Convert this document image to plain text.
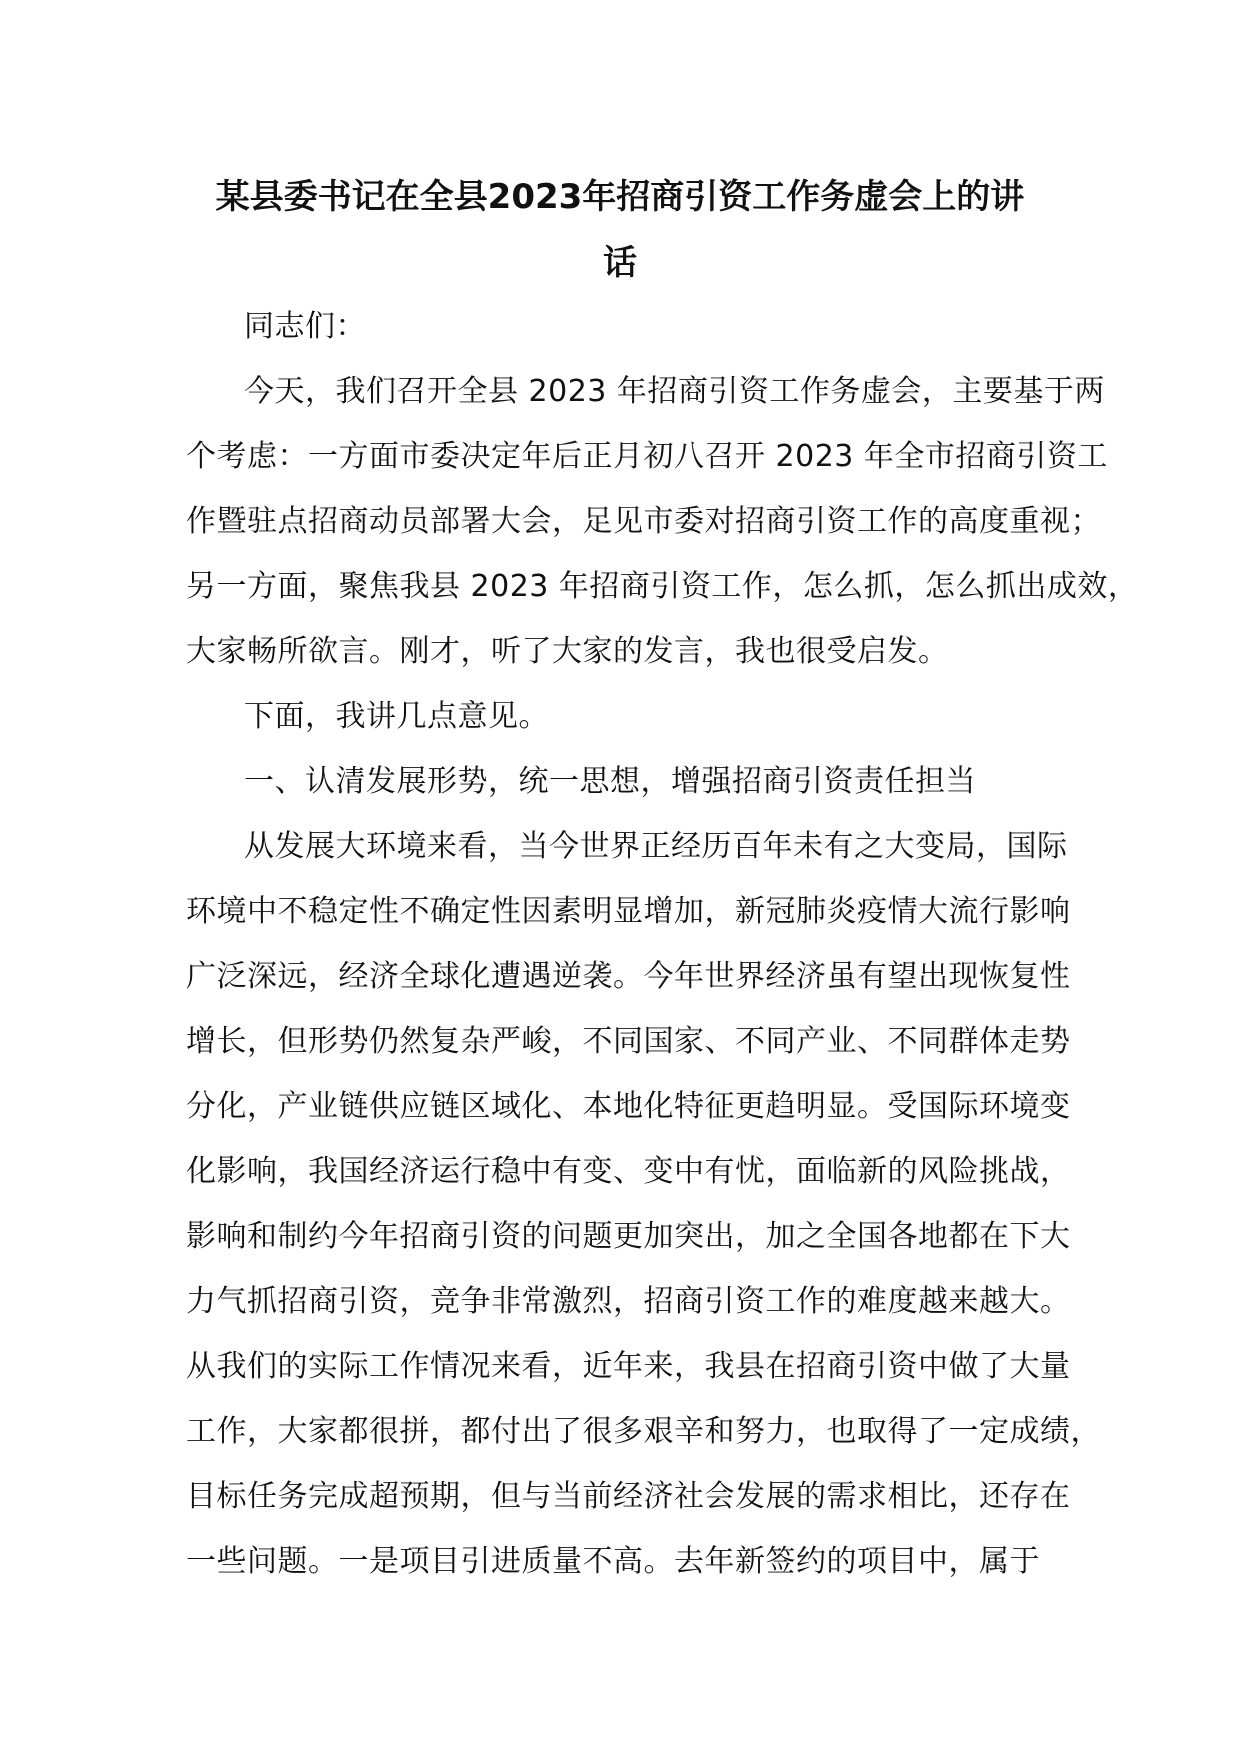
某县委书记在全县2023年招商引资工作务虚会上的讲
话
同志们：
今天，我们召开全县 2023 年招商引资工作务虚会，主要基于两
个考虑：一方面市委决定年后正月初八召开 2023 年全市招商引资工
作暨驻点招商动员部署大会，足见市委对招商引资工作的高度重视；
另一方面，聚焦我县 2023 年招商引资工作，怎么抓，怎么抓出成效，
大家畅所欲言。刚才，听了大家的发言，我也很受启发。
下面，我讲几点意见。
一、认清发展形势，统一思想，增强招商引资责任担当
从发展大环境来看，当今世界正经历百年未有之大变局，国际
环境中不稳定性不确定性因素明显增加，新冠肺炎疫情大流行影响
广泛深远，经济全球化遭遇逆袭。今年世界经济虽有望出现恢复性
增长，但形势仍然复杂严峻，不同国家、不同产业、不同群体走势
分化，产业链供应链区域化、本地化特征更趋明显。受国际环境变
化影响，我国经济运行稳中有变、变中有忧，面临新的风险挑战，
影响和制约今年招商引资的问题更加突出，加之全国各地都在下大
力气抓招商引资，竞争非常激烈，招商引资工作的难度越来越大。
从我们的实际工作情况来看，近年来，我县在招商引资中做了大量
工作，大家都很拼，都付出了很多艰辛和努力，也取得了一定成绩，
目标任务完成超预期，但与当前经济社会发展的需求相比，还存在
一些问题。一是项目引进质量不高。去年新签约的项目中，属于
